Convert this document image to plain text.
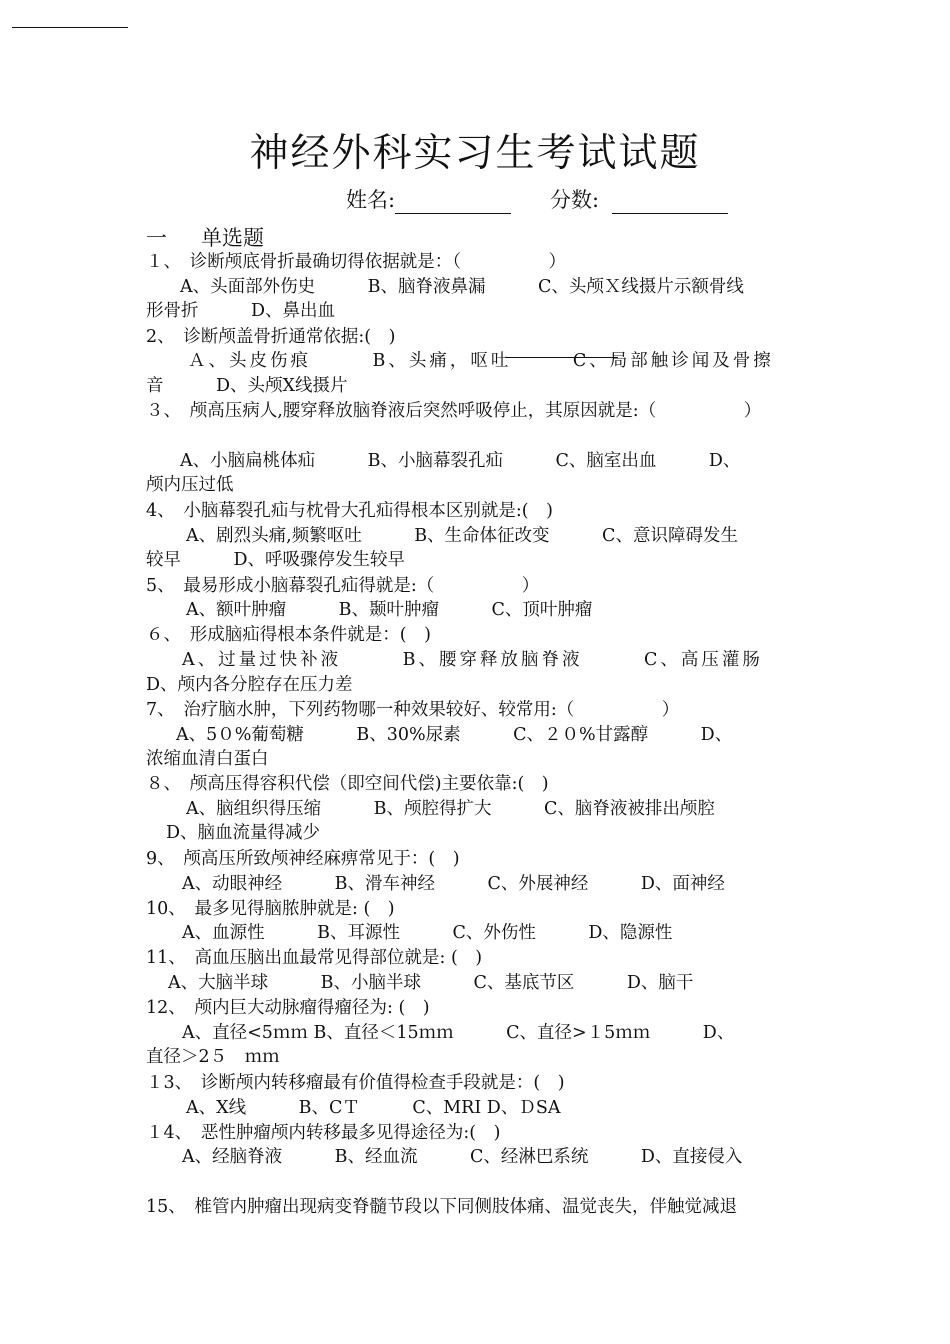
神经外科实习生考试试题
姓名:	分数:
一 单选题
１、　诊断颅底骨折最确切得依据就是：（　　　　　）
A、头面部外伤史　　　B、脑脊液鼻漏　　　C、头颅Ｘ线摄片示额骨线
形骨折　　　D、鼻出血
2、　诊断颅盖骨折通常依据:(　)
Ａ、头皮伤痕　　　B、头痛，呕吐　　　C、局部触诊闻及骨擦
音　　　D、头颅X线摄片
３、　颅高压病人,腰穿释放脑脊液后突然呼吸停止，其原因就是:（　　　　　）
A、小脑扁桃体疝　　　B、小脑幕裂孔疝　　　C、脑室出血　　　D、
颅内压过低
4、　小脑幕裂孔疝与枕骨大孔疝得根本区别就是:(　)
A、剧烈头痛,频繁呕吐　　　B、生命体征改变　　　C、意识障碍发生
较早　　　D、呼吸骤停发生较早
5、　最易形成小脑幕裂孔疝得就是:（　　　　　）
A、额叶肿瘤　　　B、颞叶肿瘤　　　C、顶叶肿瘤
６、　形成脑疝得根本条件就是：(　)
A、过量过快补液　　　B、腰穿释放脑脊液　　　C、高压灌肠
D、颅内各分腔存在压力差
7、　治疗脑水肿，下列药物哪一种效果较好、较常用:（　　　　　）
A、5０%葡萄糖　　　B、30%尿素　　　C、２０%甘露醇　　　D、
浓缩血清白蛋白
８、　颅高压得容积代偿（即空间代偿)主要依靠:(　)
A、脑组织得压缩　　　B、颅腔得扩大　　　C、脑脊液被排出颅腔
D、脑血流量得减少
9、　颅高压所致颅神经麻痹常见于：(　)
A、动眼神经　　　B、滑车神经　　　C、外展神经　　　D、面神经
10、　最多见得脑脓肿就是: (　)
A、血源性　　　B、耳源性　　　C、外伤性　　　D、隐源性
11、　高血压脑出血最常见得部位就是: (　)
A、大脑半球　　　B、小脑半球　　　C、基底节区　　　D、脑干
12、　颅内巨大动脉瘤得瘤径为: (　)
A、直径<5ｍｍ B、直径＜15ｍｍ　　　C、直径>１5ｍｍ　　　D、
直径＞2５　ｍｍ
１3、　诊断颅内转移瘤最有价值得检查手段就是：(　)
A、X线　　　B、CＴ　　　C、MRI D、ＤSA
１4、　恶性肿瘤颅内转移最多见得途径为:(　)
A、经脑脊液　　　B、经血流　　　C、经淋巴系统　　　D、直接侵入
15、　椎管内肿瘤出现病变脊髓节段以下同侧肢体痛、温觉丧失，伴触觉减退
